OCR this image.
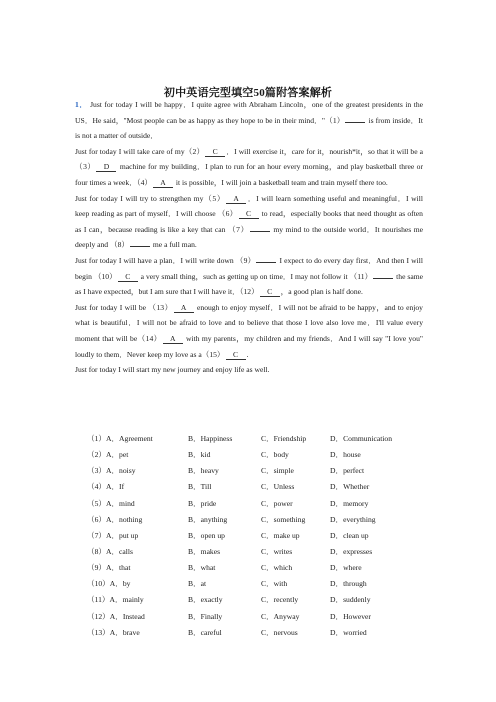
初中英语完型填空50篇附答案解析

1． Just for today I will be happy．I quite agree with Abraham Lincoln，one of the greatest presidents in the US．He said，"Most people can be as happy as they hope to be in their mind．"（1）	is from inside．It is not a matter of outside．

Just for today I will take care of my（2） C ．I will exercise it，care for it，nourish*it，so that it will be a（3） D machine for my building．I plan to run for an hour every morning，and play basketball three or four times a week．（4） A it is possible，I will join a basketball team and train myself there too.

Just for today I will try to strengthen my（5） A ．I will learn something useful and meaningful．I will keep reading as part of myself．I will choose （6） C to read，especially books that need thought as often as I can，because reading is like a key that can （7）	my mind to the outside world．It nourishes me deeply and （8）	me a full man.

Just for today I will have a plan．I will write down （9）	I expect to do every day first．And then I will begin （10） C a very small thing，such as getting up on time．I may not follow it （11）	the same as I have expected，but I am sure that I will have it．（12） C ，a good plan is half done.

Just for today I will be （13） A enough to enjoy myself．I will not be afraid to be happy，and to enjoy what is beautiful．I will not be afraid to love and to believe that those I love also love me．I'll value every moment that will be（14） A with my parents，my children and my friends．And I will say "I love you" loudly to them．Never keep my love as a（15） C .

Just for today I will start my new journey and enjoy life as well.

（1）A．Agreement	B．Happiness	C．Friendship	D．Communication
（2）A．pet	B．kid	C．body	D．house
（3）A．noisy	B．heavy	C．simple	D．perfect
（4）A．If	B．Till	C．Unless	D．Whether
（5）A．mind	B．pride	C．power	D．memory
（6）A．nothing	B．anything	C．something	D．everything
（7）A．put up	B．open up	C．make up	D．clean up
（8）A．calls	B．makes	C．writes	D．expresses
（9）A．that	B．what	C．which	D．where
（10）A．by	B．at	C．with	D．through
（11）A．mainly	B．exactly	C．recently	D．suddenly
（12）A．Instead	B．Finally	C．Anyway	D．However
（13）A．brave	B．careful	C．nervous	D．worried
